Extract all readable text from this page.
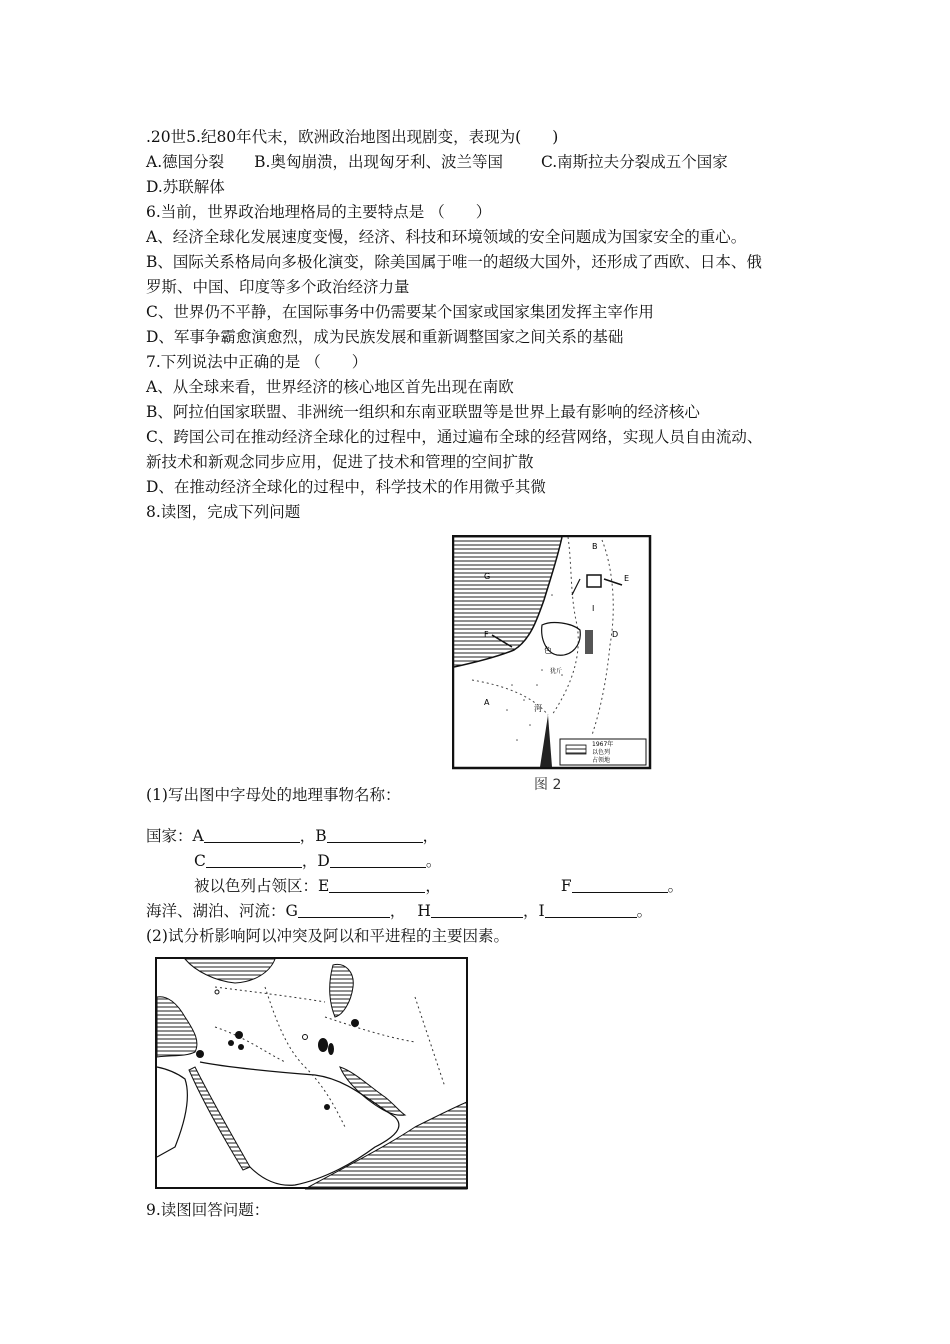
.20世5.纪80年代末，欧洲政治地图出现剧变，表现为(　　)
A.德国分裂 B.奥匈崩溃，出现匈牙利、波兰等国 C.南斯拉夫分裂成五个国家
D.苏联解体
6.当前，世界政治地理格局的主要特点是 （　　）
A、经济全球化发展速度变慢，经济、科技和环境领域的安全问题成为国家安全的重心。
B、国际关系格局向多极化演变，除美国属于唯一的超级大国外，还形成了西欧、日本、俄
罗斯、中国、印度等多个政治经济力量
C、世界仍不平静，在国际事务中仍需要某个国家或国家集团发挥主宰作用
D、军事争霸愈演愈烈，成为民族发展和重新调整国家之间关系的基础
7.下列说法中正确的是 （　　）
A、从全球来看，世界经济的核心地区首先出现在南欧
B、阿拉伯国家联盟、非洲统一组织和东南亚联盟等是世界上最有影响的经济核心
C、跨国公司在推动经济全球化的过程中，通过遍布全球的经营网络，实现人员自由流动、
新技术和新观念同步应用，促进了技术和管理的空间扩散
D、在推动经济全球化的过程中，科学技术的作用微乎其微
8.读图，完成下列问题
B
G	E
I
D
F
色
犹斤
A
河
1967年
以色列
占领地
图 2
(1)写出图中字母处的地理事物名称：
国家：A	，B	，
C	，D	。
被以色列占领区：E	，	F	。
海洋、湖泊、河流：G	， H	，I	。
(2)试分析影响阿以冲突及阿以和平进程的主要因素。
9.读图回答问题：
